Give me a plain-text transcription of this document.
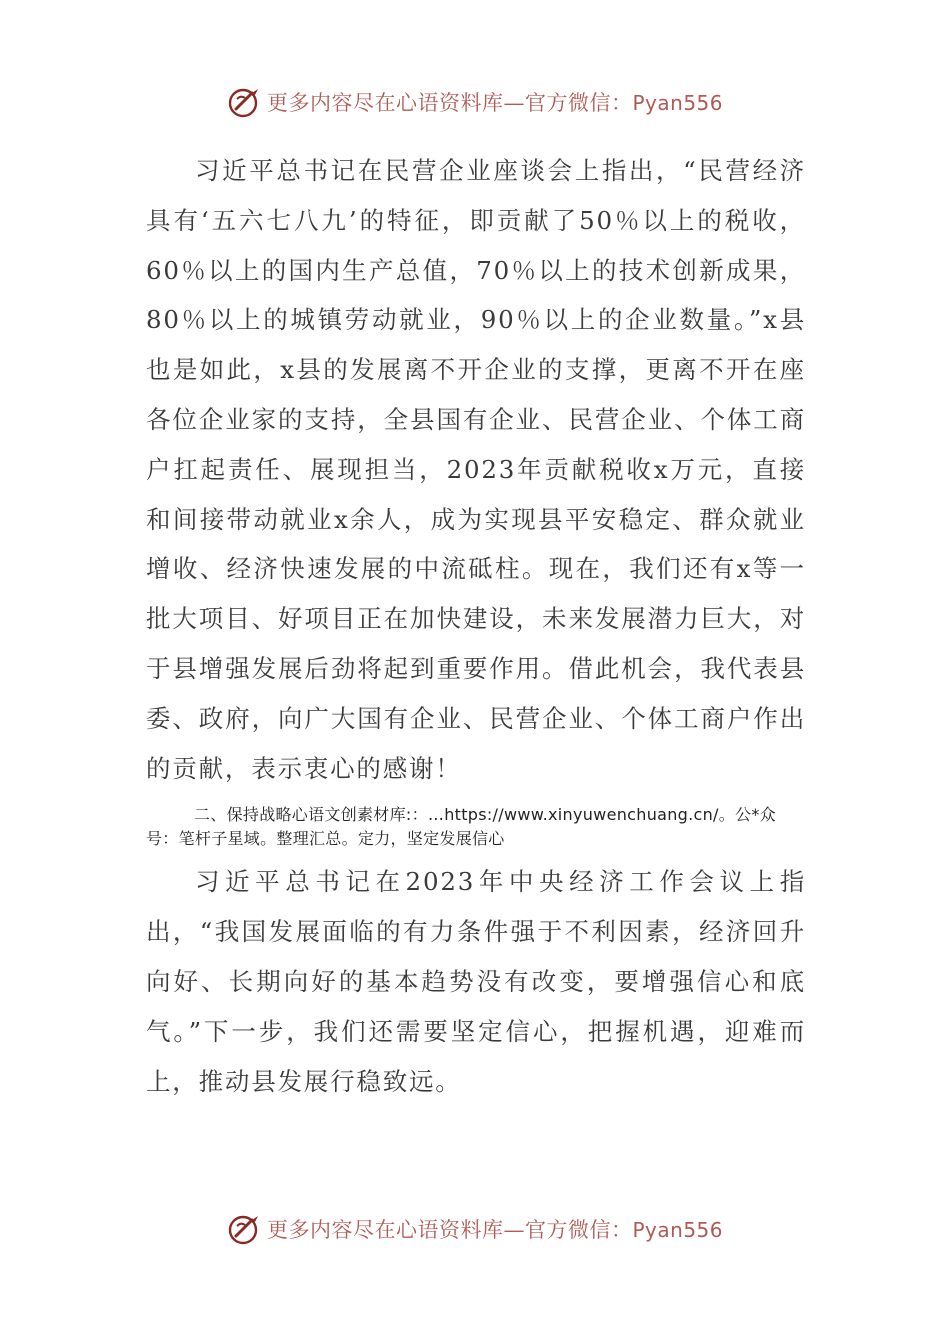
更多内容尽在心语资料库—官方微信：Pyan556

习近平总书记在民营企业座谈会上指出，“民营经济具有‘五六七八九’的特征，即贡献了50％以上的税收，60％以上的国内生产总值，70％以上的技术创新成果，80％以上的城镇劳动就业，90％以上的企业数量。”x县也是如此，x县的发展离不开企业的支撑，更离不开在座各位企业家的支持，全县国有企业、民营企业、个体工商户扛起责任、展现担当，2023年贡献税收x万元，直接和间接带动就业x余人，成为实现县平安稳定、群众就业增收、经济快速发展的中流砥柱。现在，我们还有x等一批大项目、好项目正在加快建设，未来发展潜力巨大，对于县增强发展后劲将起到重要作用。借此机会，我代表县委、政府，向广大国有企业、民营企业、个体工商户作出的贡献，表示衷心的感谢！

二、保持战略心语文创素材库:：…https://www.xinyuwenchuang.cn/。公*众号：笔杆子星域。整理汇总。定力，坚定发展信心

习近平总书记在2023年中央经济工作会议上指出，“我国发展面临的有力条件强于不利因素，经济回升向好、长期向好的基本趋势没有改变，要增强信心和底气。”下一步，我们还需要坚定信心，把握机遇，迎难而上，推动县发展行稳致远。

更多内容尽在心语资料库—官方微信：Pyan556
